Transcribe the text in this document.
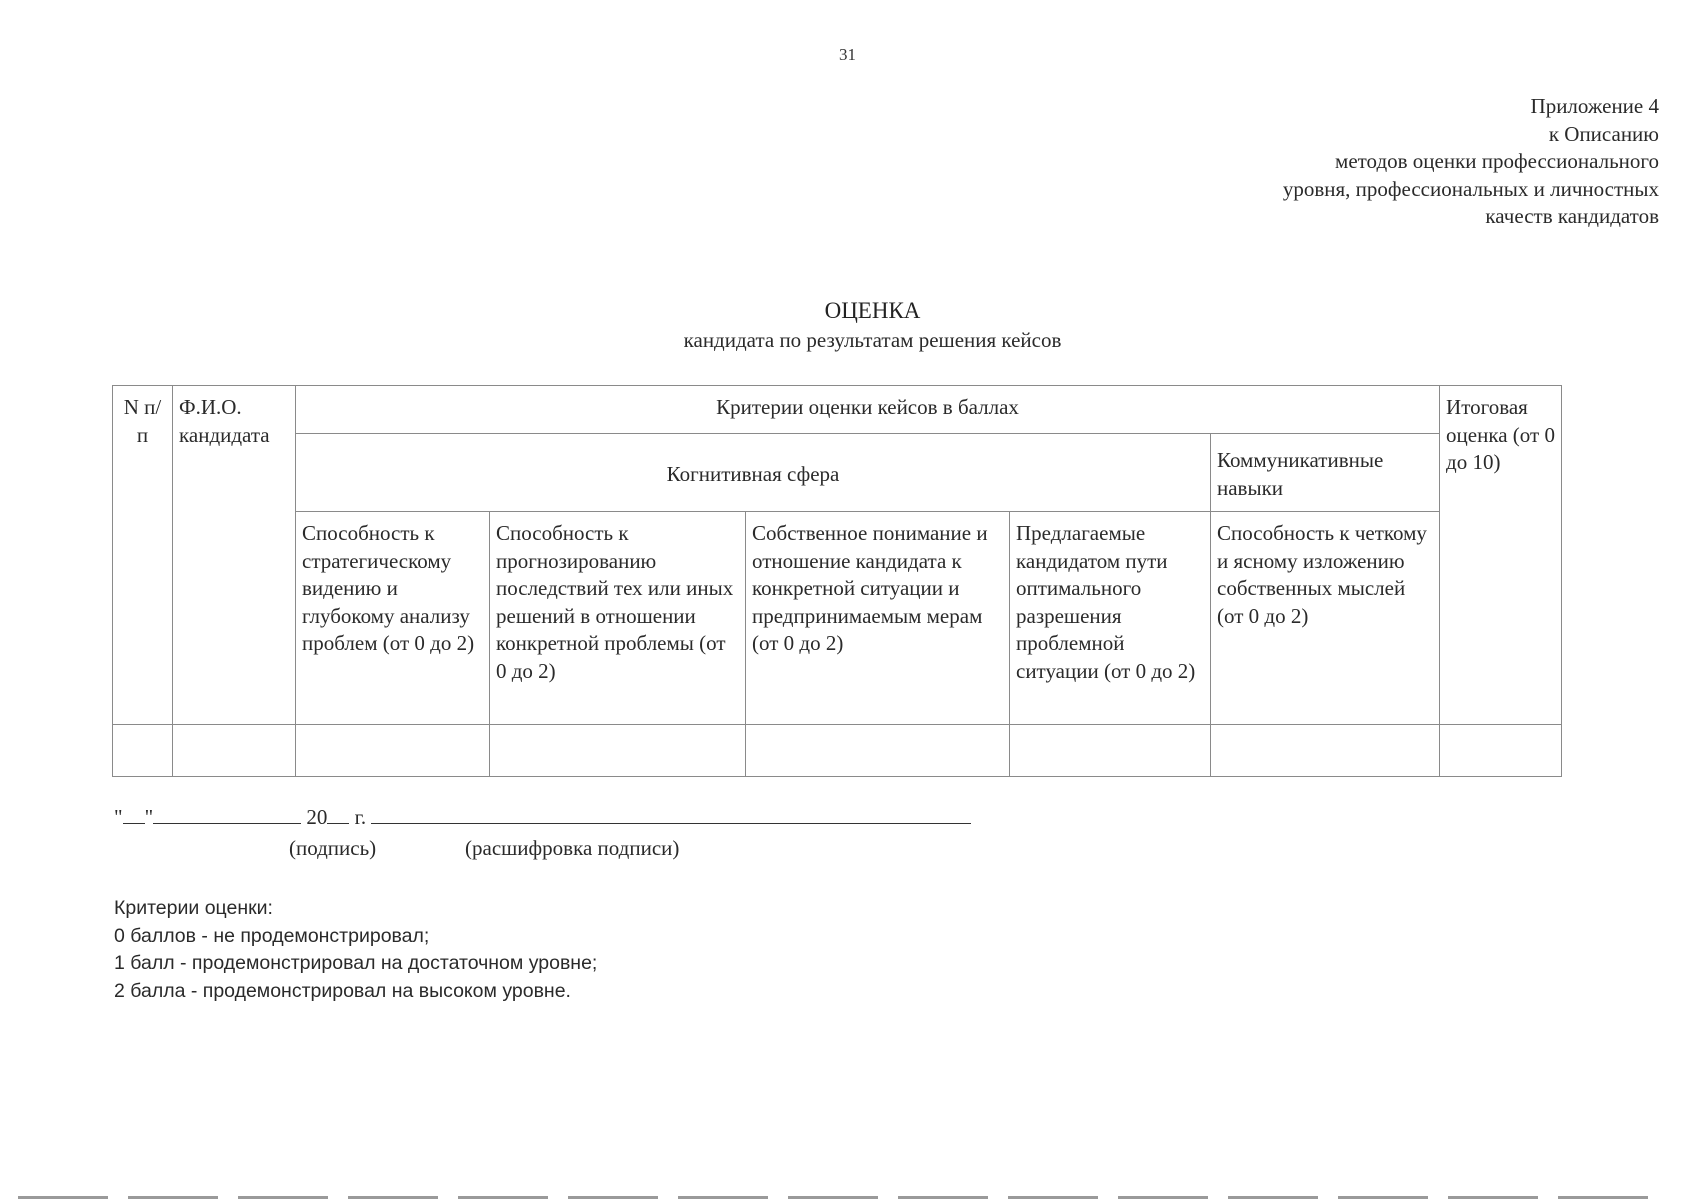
31
Приложение 4
к Описанию
методов оценки профессионального
уровня, профессиональных и личностных
качеств кандидатов
ОЦЕНКА
кандидата по результатам решения кейсов
N п/п	Ф.И.О. кандидата	Критерии оценки кейсов в баллах					Итоговая оценка (от 0 до 10)
		Когнитивная сфера				Коммуникативные навыки	
		Способность к стратегическому видению и глубокому анализу проблем (от 0 до 2)	Способность к прогнозированию последствий тех или иных решений в отношении конкретной проблемы (от 0 до 2)	Собственное понимание и отношение кандидата к конкретной ситуации и предпринимаемым мерам (от 0 до 2)	Предлагаемые кандидатом пути оптимального разрешения проблемной ситуации (от 0 до 2)	Способность к четкому и ясному изложению собственных мыслей (от 0 до 2)	

" "	20 г.
(подпись)	(расшифровка подписи)
Критерии оценки:
0 баллов - не продемонстрировал;
1 балл - продемонстрировал на достаточном уровне;
2 балла - продемонстрировал на высоком уровне.
